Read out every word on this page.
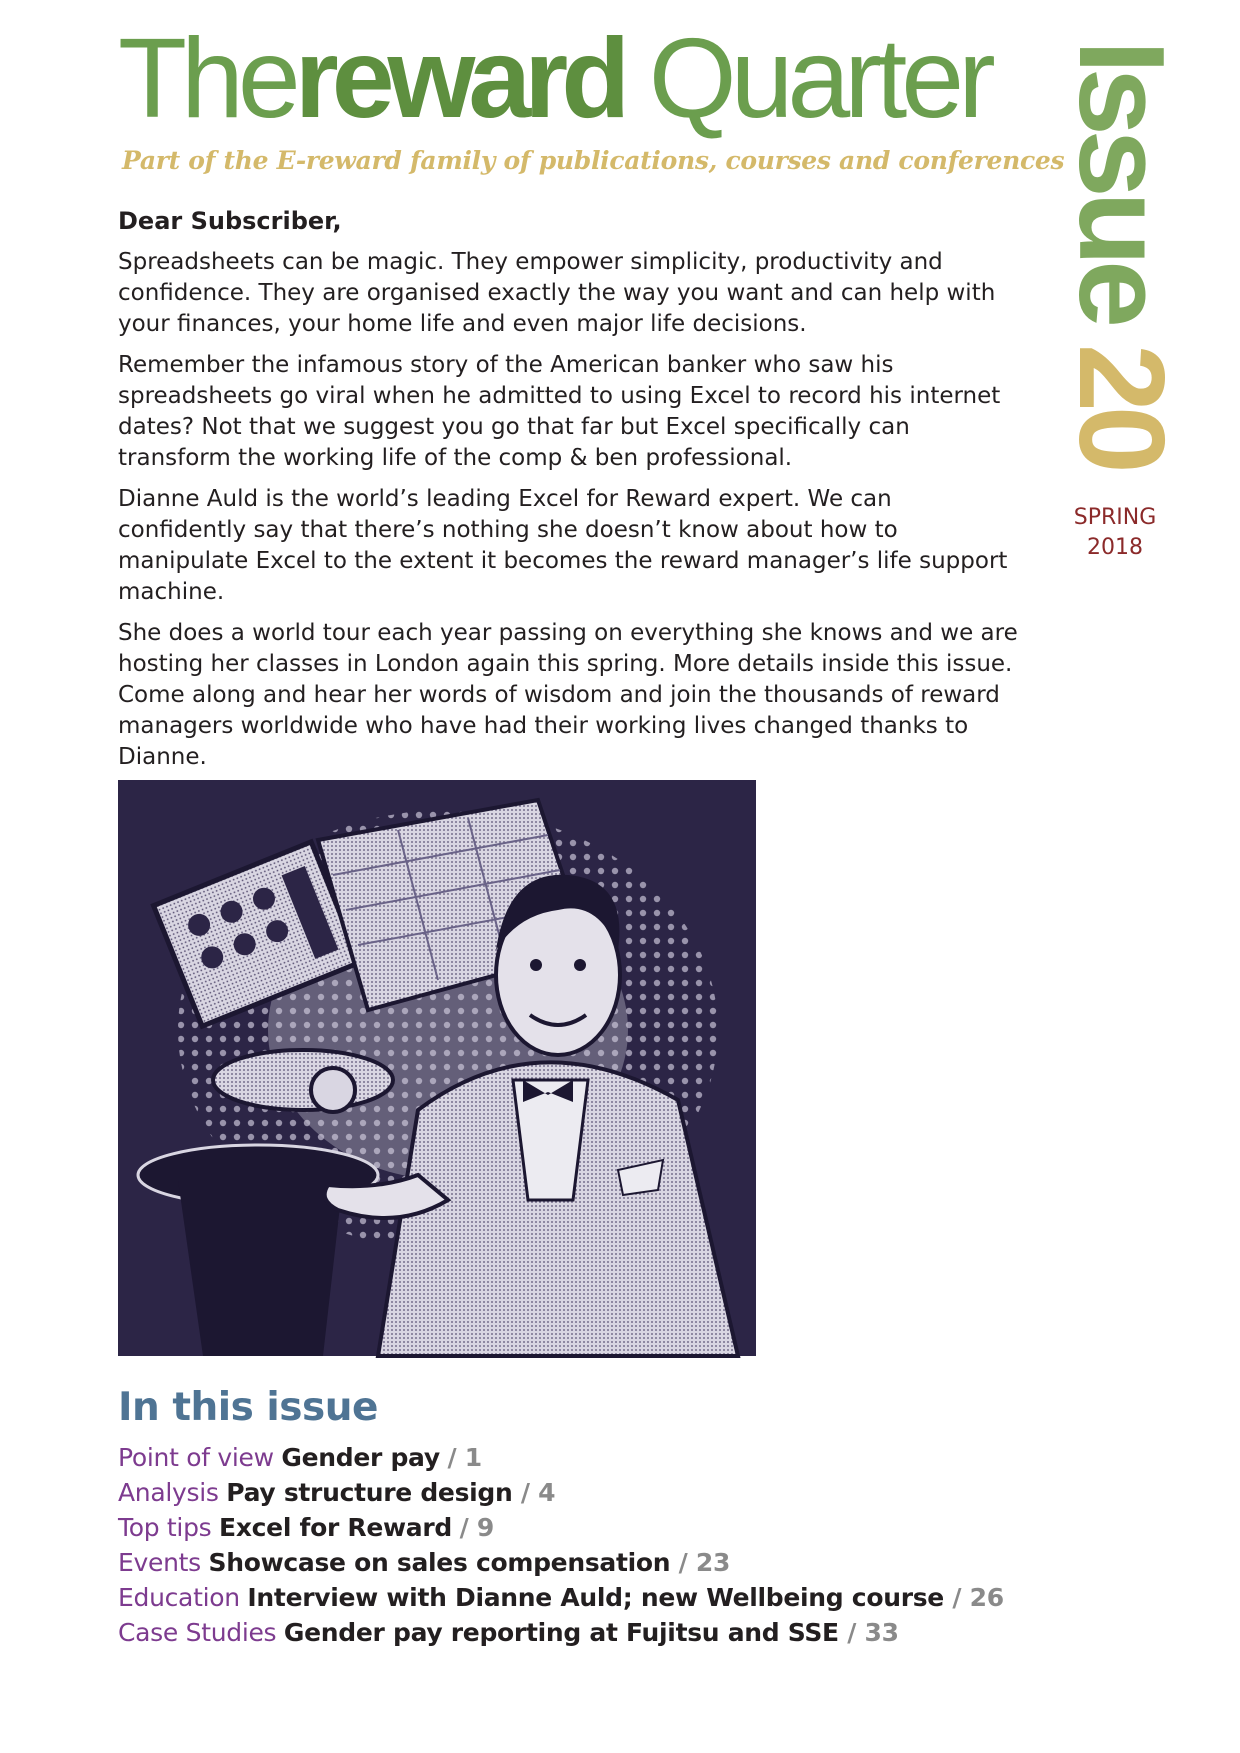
Thereward Quarter
Part of the E-reward family of publications, courses and conferences
Issue20
SPRING
2018

Dear Subscriber,

Spreadsheets can be magic. They empower simplicity, productivity and confidence. They are organised exactly the way you want and can help with your finances, your home life and even major life decisions.

Remember the infamous story of the American banker who saw his spreadsheets go viral when he admitted to using Excel to record his internet dates? Not that we suggest you go that far but Excel specifically can transform the working life of the comp & ben professional.

Dianne Auld is the world’s leading Excel for Reward expert. We can confidently say that there’s nothing she doesn’t know about how to manipulate Excel to the extent it becomes the reward manager’s life support machine.

She does a world tour each year passing on everything she knows and we are hosting her classes in London again this spring. More details inside this issue. Come along and hear her words of wisdom and join the thousands of reward managers worldwide who have had their working lives changed thanks to Dianne.

In this issue
Point of view Gender pay / 1
Analysis Pay structure design / 4
Top tips Excel for Reward / 9
Events Showcase on sales compensation / 23
Education Interview with Dianne Auld; new Wellbeing course / 26
Case Studies Gender pay reporting at Fujitsu and SSE / 33
